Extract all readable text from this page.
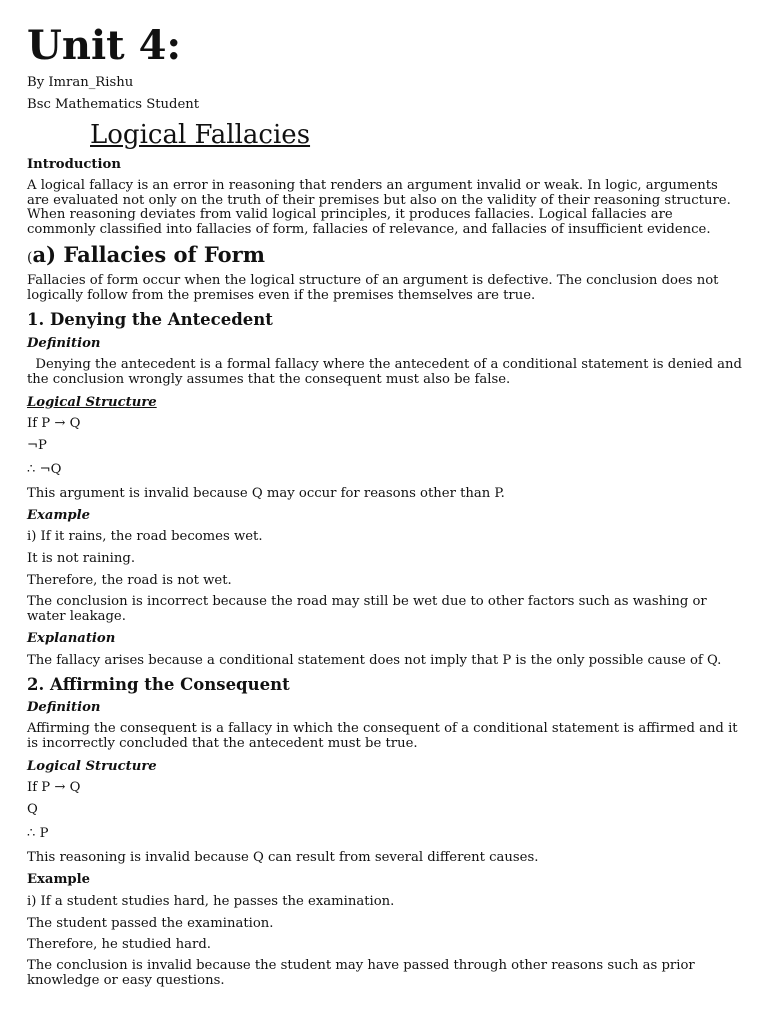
Unit 4:
By Imran_Rishu
Bsc Mathematics Student
Logical Fallacies
Introduction
A logical fallacy is an error in reasoning that renders an argument invalid or weak. In logic, arguments are evaluated not only on the truth of their premises but also on the validity of their reasoning structure. When reasoning deviates from valid logical principles, it produces fallacies. Logical fallacies are commonly classified into fallacies of form, fallacies of relevance, and fallacies of insufficient evidence.
(a) Fallacies of Form
Fallacies of form occur when the logical structure of an argument is defective. The conclusion does not logically follow from the premises even if the premises themselves are true.
1. Denying the Antecedent
Definition
Denying the antecedent is a formal fallacy where the antecedent of a conditional statement is denied and the conclusion wrongly assumes that the consequent must also be false.
Logical Structure
If P → Q
¬P
∴ ¬Q
This argument is invalid because Q may occur for reasons other than P.
Example
i) If it rains, the road becomes wet.
It is not raining.
Therefore, the road is not wet.
The conclusion is incorrect because the road may still be wet due to other factors such as washing or water leakage.
Explanation
The fallacy arises because a conditional statement does not imply that P is the only possible cause of Q.
2. Affirming the Consequent
Definition
Affirming the consequent is a fallacy in which the consequent of a conditional statement is affirmed and it is incorrectly concluded that the antecedent must be true.
Logical Structure
If P → Q
Q
∴ P
This reasoning is invalid because Q can result from several different causes.
Example
i) If a student studies hard, he passes the examination.
The student passed the examination.
Therefore, he studied hard.
The conclusion is invalid because the student may have passed through other reasons such as prior knowledge or easy questions.
